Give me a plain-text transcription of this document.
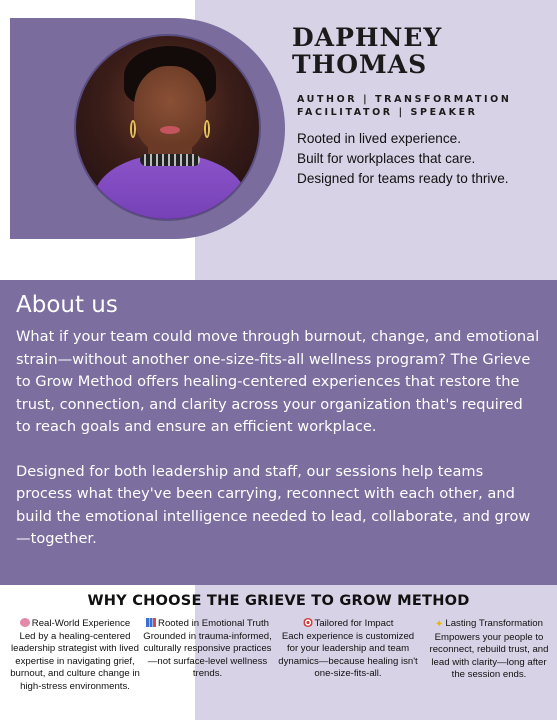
DAPHNEY THOMAS
AUTHOR | TRANSFORMATION FACILITATOR | SPEAKER
Rooted in lived experience.
Built for workplaces that care.
Designed for teams ready to thrive.
About us

What if your team could move through burnout, change, and emotional strain—without another one-size-fits-all wellness program? The Grieve to Grow Method offers healing-centered experiences that restore the trust, connection, and clarity across your organization that's required to reach goals and ensure an efficient workplace.

Designed for both leadership and staff, our sessions help teams process what they've been carrying, reconnect with each other, and build the emotional intelligence needed to lead, collaborate, and grow—together.

WHY CHOOSE THE GRIEVE TO GROW METHOD
Real-World Experience
Led by a healing-centered leadership strategist with lived expertise in navigating grief, burnout, and culture change in high-stress environments.
Rooted in Emotional Truth
Grounded in trauma-informed, culturally responsive practices—not surface-level wellness trends.
Tailored for Impact
Each experience is customized for your leadership and team dynamics—because healing isn't one-size-fits-all.
✦ Lasting Transformation
Empowers your people to reconnect, rebuild trust, and lead with clarity—long after the session ends.
